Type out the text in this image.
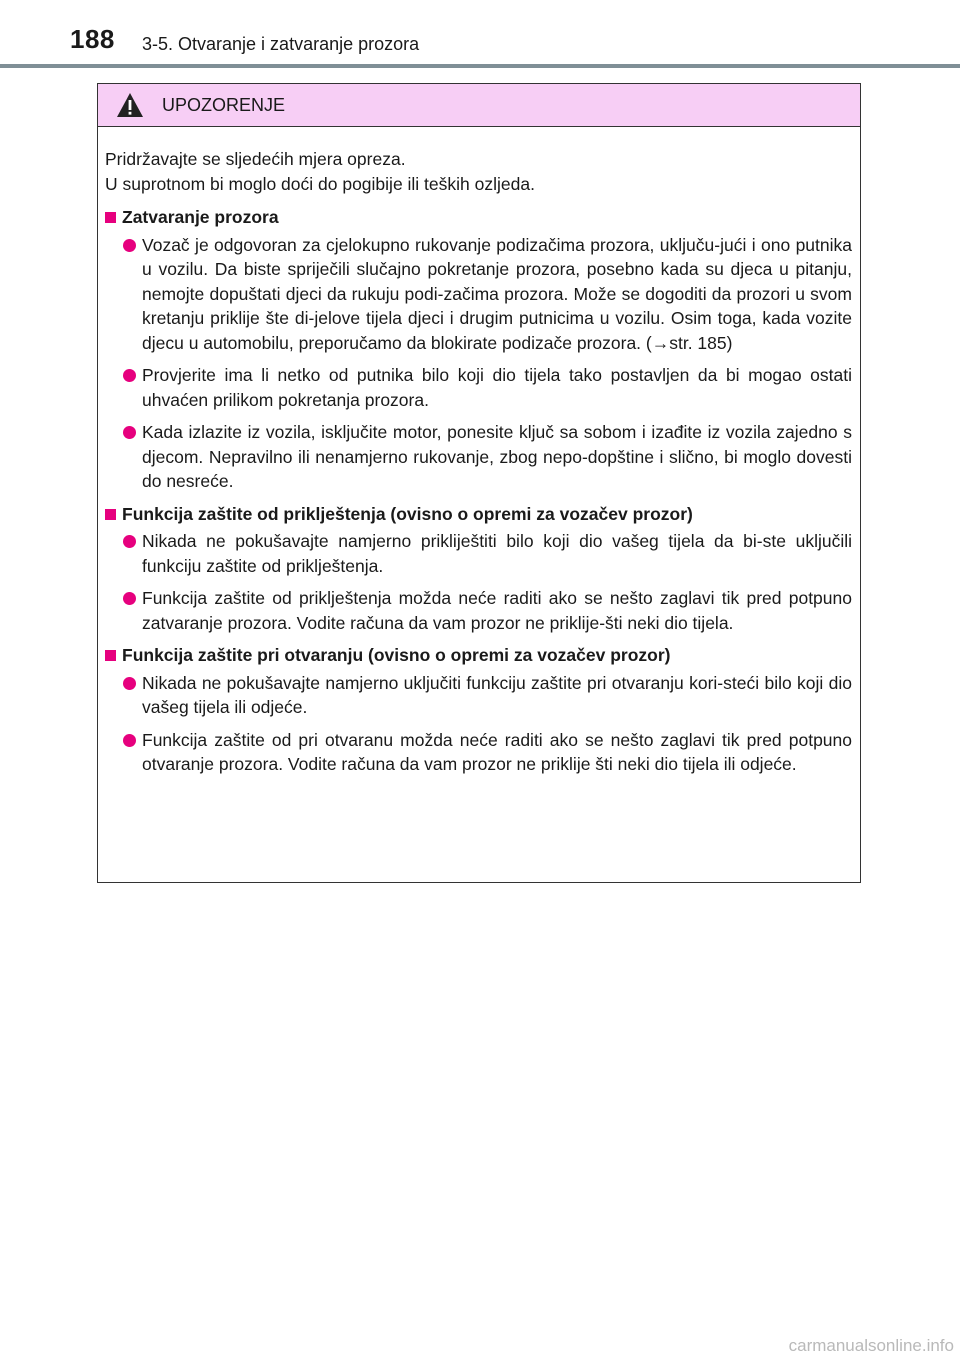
188 3-5. Otvaranje i zatvaranje prozora
UPOZORENJE

Pridržavajte se sljedećih mjera opreza.

U suprotnom bi moglo doći do pogibije ili teških ozljeda.

Zatvaranje prozora
Vozač je odgovoran za cjelokupno rukovanje podizačima prozora, uključu-jući i ono putnika u vozilu. Da biste spriječili slučajno pokretanje prozora, posebno kada su djeca u pitanju, nemojte dopuštati djeci da rukuju podi-začima prozora. Može se dogoditi da prozori u svom kretanju priklije šte di-jelove tijela djeci i drugim putnicima u vozilu. Osim toga, kada vozite djecu u automobilu, preporučamo da blokirate podizače prozora. (→str. 185)
Provjerite ima li netko od putnika bilo koji dio tijela tako postavljen da bi mogao ostati uhvaćen prilikom pokretanja prozora.
Kada izlazite iz vozila, isključite motor, ponesite ključ sa sobom i izađite iz vozila zajedno s djecom. Nepravilno ili nenamjerno rukovanje, zbog nepo-dopštine i slično, bi moglo dovesti do nesreće.
Funkcija zaštite od priklještenja (ovisno o opremi za vozačev prozor)
Nikada ne pokušavajte namjerno prikliještiti bilo koji dio vašeg tijela da bi-ste uključili funkciju zaštite od priklještenja.
Funkcija zaštite od priklještenja možda neće raditi ako se nešto zaglavi tik pred potpuno zatvaranje prozora. Vodite računa da vam prozor ne priklije-šti neki dio tijela.
Funkcija zaštite pri otvaranju (ovisno o opremi za vozačev prozor)
Nikada ne pokušavajte namjerno uključiti funkciju zaštite pri otvaranju kori-steći bilo koji dio vašeg tijela ili odjeće.
Funkcija zaštite od pri otvaranu možda neće raditi ako se nešto zaglavi tik pred potpuno otvaranje prozora. Vodite računa da vam prozor ne priklije šti neki dio tijela ili odjeće.
carmanualsonline.info
